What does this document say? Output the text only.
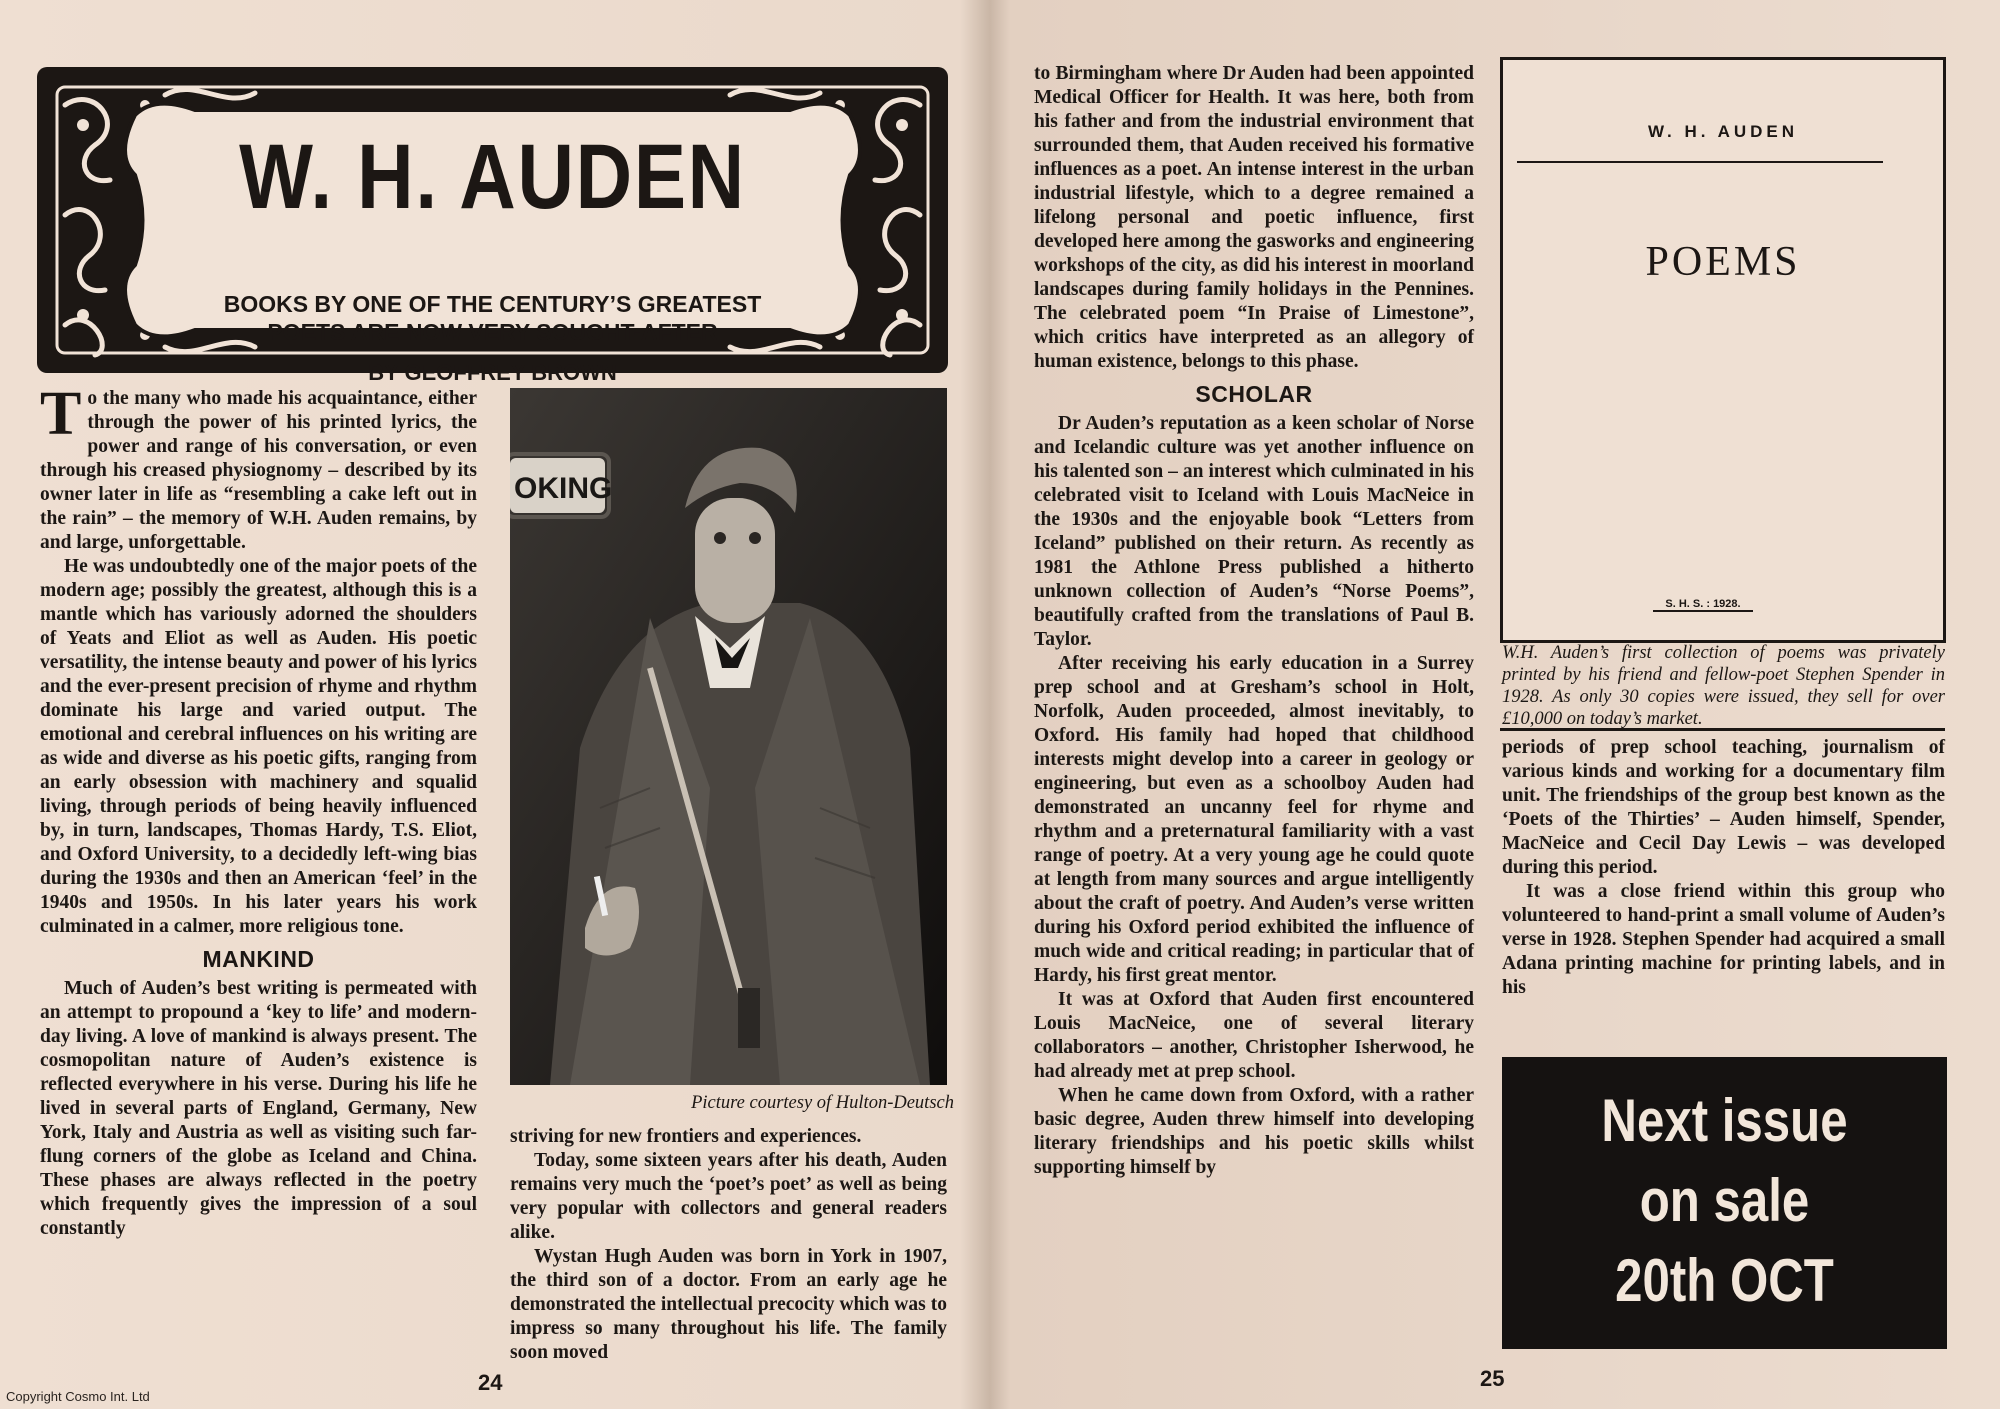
W. H. AUDEN
BOOKS BY ONE OF THE CENTURY’S GREATEST
POETS ARE NOW VERY SOUGHT-AFTER
BY GEOFFREY BROWN

To the many who made his acquaintance, either through the power of his printed lyrics, the power and range of his conversation, or even through his creased physiognomy – described by its owner later in life as “resembling a cake left out in the rain” – the memory of W.H. Auden remains, by and large, unforgettable.

He was undoubtedly one of the major poets of the modern age; possibly the greatest, although this is a mantle which has variously adorned the shoulders of Yeats and Eliot as well as Auden. His poetic versatility, the intense beauty and power of his lyrics and the ever-present precision of rhyme and rhythm dominate his large and varied output. The emotional and cerebral influences on his writing are as wide and diverse as his poetic gifts, ranging from an early obsession with machinery and squalid living, through periods of being heavily influenced by, in turn, landscapes, Thomas Hardy, T.S. Eliot, and Oxford University, to a decidedly left-wing bias during the 1930s and then an American ‘feel’ in the 1940s and 1950s. In his later years his work culminated in a calmer, more religious tone.

MANKIND

Much of Auden’s best writing is permeated with an attempt to propound a ‘key to life’ and modern-day living. A love of mankind is always present. The cosmopolitan nature of Auden’s existence is reflected everywhere in his verse. During his life he lived in several parts of England, Germany, New York, Italy and Austria as well as visiting such far-flung corners of the globe as Iceland and China. These phases are always reflected in the poetry which frequently gives the impression of a soul constantly

OKING
Picture courtesy of Hulton-Deutsch

striving for new frontiers and experiences.

Today, some sixteen years after his death, Auden remains very much the ‘poet’s poet’ as well as being very popular with collectors and general readers alike.

Wystan Hugh Auden was born in York in 1907, the third son of a doctor. From an early age he demonstrated the intellectual precocity which was to impress so many throughout his life. The family soon moved

24

to Birmingham where Dr Auden had been appointed Medical Officer for Health. It was here, both from his father and from the industrial environment that surrounded them, that Auden received his formative influences as a poet. An intense interest in the urban industrial lifestyle, which to a degree remained a lifelong personal and poetic influence, first developed here among the gasworks and engineering workshops of the city, as did his interest in moorland landscapes during family holidays in the Pennines. The celebrated poem “In Praise of Limestone”, which critics have interpreted as an allegory of human existence, belongs to this phase.

SCHOLAR

Dr Auden’s reputation as a keen scholar of Norse and Icelandic culture was yet another influence on his talented son – an interest which culminated in his celebrated visit to Iceland with Louis MacNeice in the 1930s and the enjoyable book “Letters from Iceland” published on their return. As recently as 1981 the Athlone Press published a hitherto unknown collection of Auden’s “Norse Poems”, beautifully crafted from the translations of Paul B. Taylor.

After receiving his early education in a Surrey prep school and at Gresham’s school in Holt, Norfolk, Auden proceeded, almost inevitably, to Oxford. His family had hoped that childhood interests might develop into a career in geology or engineering, but even as a schoolboy Auden had demonstrated an uncanny feel for rhyme and rhythm and a preternatural familiarity with a vast range of poetry. At a very young age he could quote at length from many sources and argue intelligently about the craft of poetry. And Auden’s verse written during his Oxford period exhibited the influence of much wide and critical reading; in particular that of Hardy, his first great mentor.

It was at Oxford that Auden first encountered Louis MacNeice, one of several literary collaborators – another, Christopher Isherwood, he had already met at prep school.

When he came down from Oxford, with a rather basic degree, Auden threw himself into developing literary friendships and his poetic skills whilst supporting himself by

W. H. AUDEN
POEMS
S. H. S. : 1928.
W.H. Auden’s first collection of poems was privately printed by his friend and fellow-poet Stephen Spender in 1928. As only 30 copies were issued, they sell for over £10,000 on today’s market.

periods of prep school teaching, journalism of various kinds and working for a documentary film unit. The friendships of the group best known as the ‘Poets of the Thirties’ – Auden himself, Spender, MacNeice and Cecil Day Lewis – was developed during this period.

It was a close friend within this group who volunteered to hand-print a small volume of Auden’s verse in 1928. Stephen Spender had acquired a small Adana printing machine for printing labels, and in his

Next issue
on sale
20th OCT
25
Copyright Cosmo Int. Ltd
